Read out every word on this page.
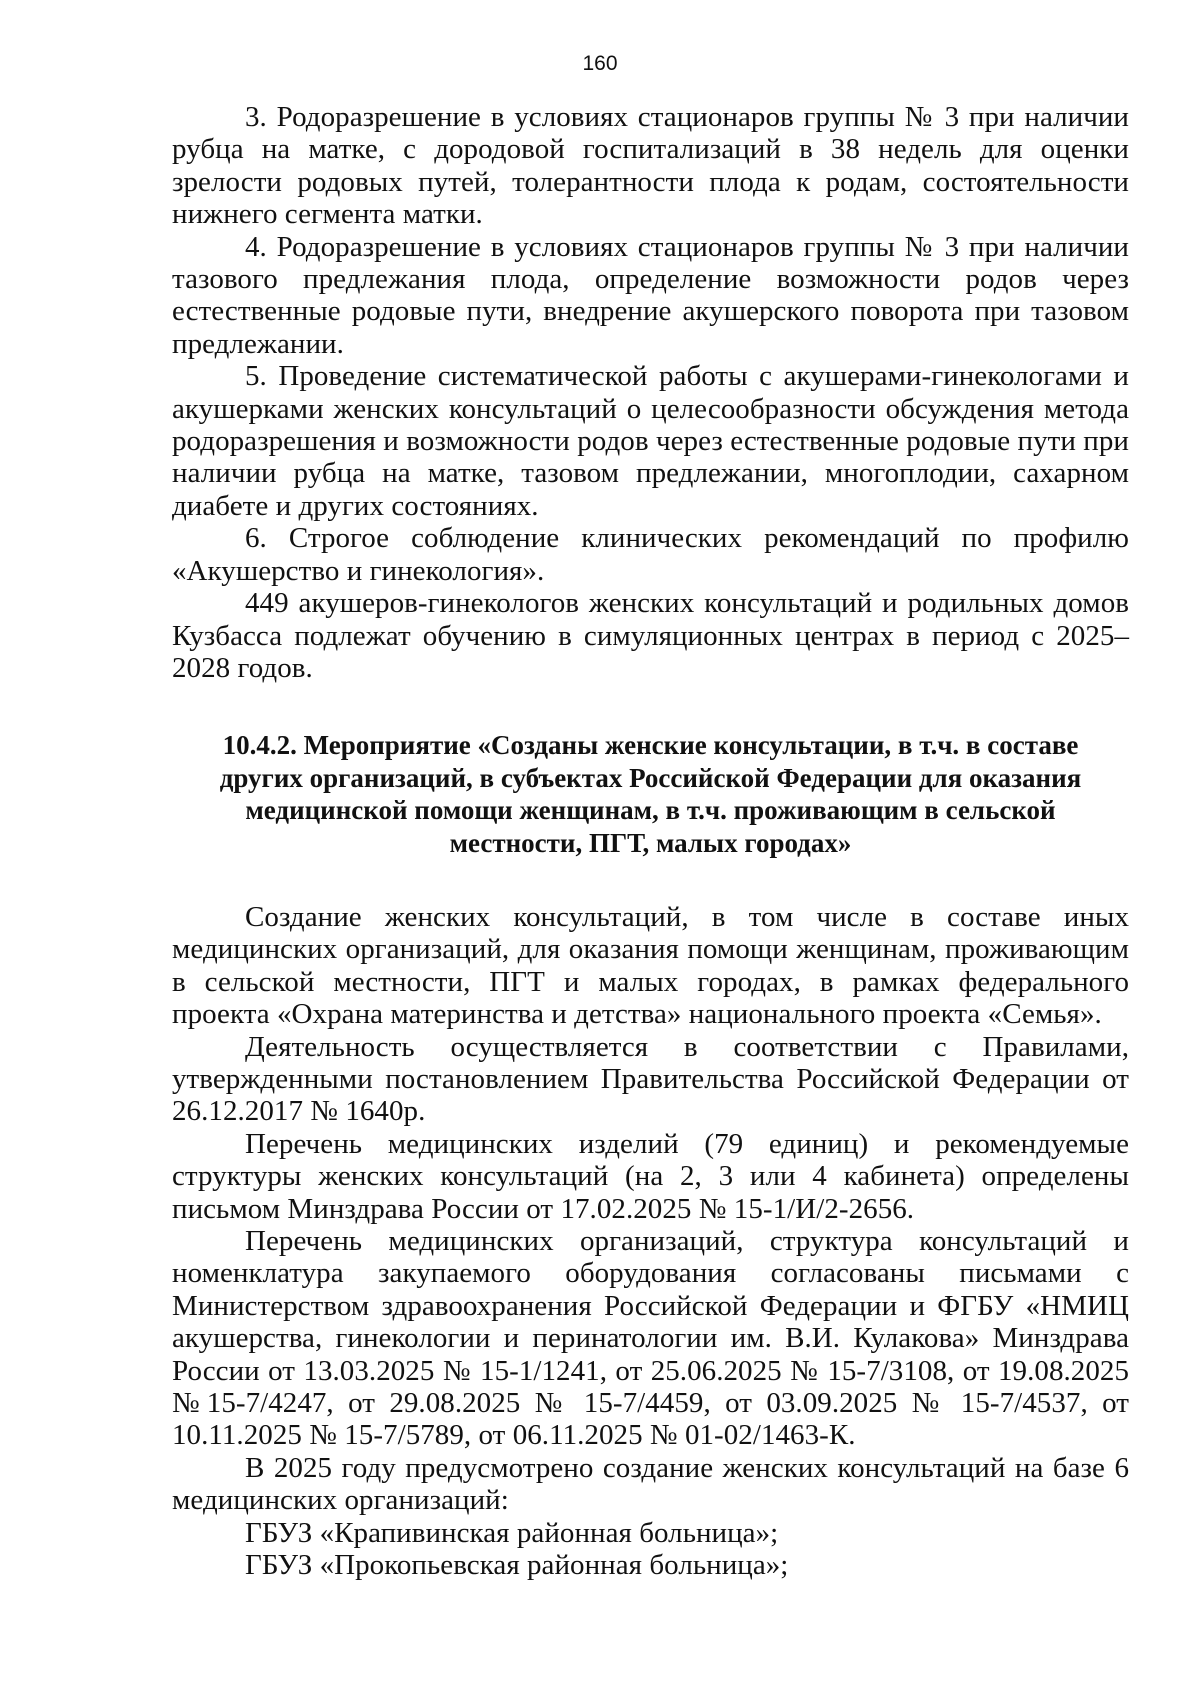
160

3. Родоразрешение в условиях стационаров группы № 3 при наличии рубца на матке, с дородовой госпитализаций в 38 недель для оценки зрелости родовых путей, толерантности плода к родам, состоятельности нижнего сегмента матки.

4. Родоразрешение в условиях стационаров группы № 3 при наличии тазового предлежания плода, определение возможности родов через естественные родовые пути, внедрение акушерского поворота при тазовом предлежании.

5. Проведение систематической работы с акушерами-гинекологами и акушерками женских консультаций о целесообразности обсуждения метода родоразрешения и возможности родов через естественные родовые пути при наличии рубца на матке, тазовом предлежании, многоплодии, сахарном диабете и других состояниях.

6. Строгое соблюдение клинических рекомендаций по профилю «Акушерство и гинекология».

449 акушеров-гинекологов женских консультаций и родильных домов Кузбасса подлежат обучению в симуляционных центрах в период с 2025–2028 годов.

10.4.2. Мероприятие «Созданы женские консультации, в т.ч. в составе
других организаций, в субъектах Российской Федерации для оказания
медицинской помощи женщинам, в т.ч. проживающим в сельской
местности, ПГТ, малых городах»

Создание женских консультаций, в том числе в составе иных медицинских организаций, для оказания помощи женщинам, проживающим в сельской местности, ПГТ и малых городах, в рамках федерального проекта «Охрана материнства и детства» национального проекта «Семья».

Деятельность осуществляется в соответствии с Правилами, утвержденными постановлением Правительства Российской Федерации от 26.12.2017 № 1640р.

Перечень медицинских изделий (79 единиц) и рекомендуемые структуры женских консультаций (на 2, 3 или 4 кабинета) определены письмом Минздрава России от 17.02.2025 № 15-1/И/2-2656.

Перечень медицинских организаций, структура консультаций и номенклатура закупаемого оборудования согласованы письмами с Министерством здравоохранения Российской Федерации и ФГБУ «НМИЦ акушерства, гинекологии и перинатологии им. В.И. Кулакова» Минздрава России от 13.03.2025 № 15-1/1241, от 25.06.2025 № 15-7/3108, от 19.08.2025 №15-7/4247, от 29.08.2025 № 15-7/4459, от 03.09.2025 № 15-7/4537, от 10.11.2025 № 15-7/5789, от 06.11.2025 № 01-02/1463-К.

В 2025 году предусмотрено создание женских консультаций на базе 6 медицинских организаций:

ГБУЗ «Крапивинская районная больница»;

ГБУЗ «Прокопьевская районная больница»;
